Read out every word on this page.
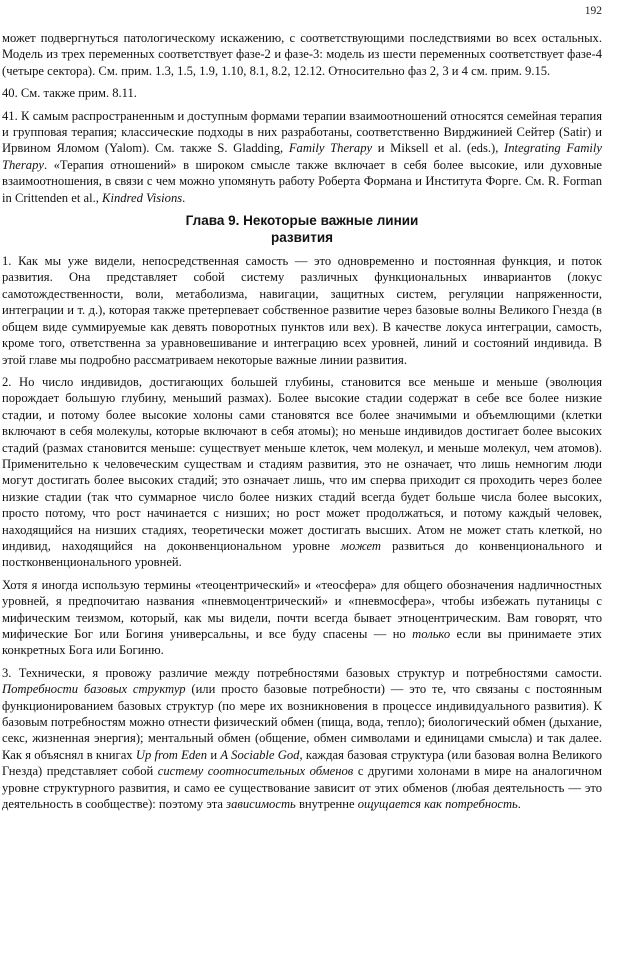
192

может подвергнуться патологическому искажению, с соответствующими последствиями во всех остальных. Модель из трех переменных соответствует фазе-2 и фазе-3: модель из шести переменных соответствует фазе-4 (четыре сектора). См. прим. 1.3, 1.5, 1.9, 1.10, 8.1, 8.2, 12.12. Относительно фаз 2, 3 и 4 см. прим. 9.15.

40. См. также прим. 8.11.

41. К самым распространенным и доступным формами терапии взаимоотношений относятся семейная терапия и групповая терапия; классические подходы в них разработаны, соответственно Вирджинией Сейтер (Satir) и Ирвином Яломом (Yalom). См. также S. Gladding, Family Therapy и Miksell et al. (eds.), Integrating Family Therapy. «Терапия отношений» в широком смысле также включает в себя более высокие, или духовные взаимоотношения, в связи с чем можно упомянуть работу Роберта Формана и Института Форге. См. R. Forman in Crittenden et al., Kindred Visions.

Глава 9. Некоторые важные линии
развития

1. Как мы уже видели, непосредственная самость — это одновременно и постоянная функция, и поток развития. Она представляет собой систему различных функциональных инвариантов (локус самотождественности, воли, метаболизма, навигации, защитных систем, регуляции напряженности, интеграции и т. д.), которая также претерпевает собственное развитие через базовые волны Великого Гнезда (в общем виде суммируемые как девять поворотных пунктов или вех). В качестве локуса интеграции, самость, кроме того, ответственна за уравновешивание и интеграцию всех уровней, линий и состояний индивида. В этой главе мы подробно рассматриваем некоторые важные линии развития.

2. Но число индивидов, достигающих большей глубины, становится все меньше и меньше (эволюция порождает большую глубину, меньший размах). Более высокие стадии содержат в себе все более низкие стадии, и потому более высокие холоны сами становятся все более значимыми и объемлющими (клетки включают в себя молекулы, которые включают в себя атомы); но меньше индивидов достигает более высоких стадий (размах становится меньше: существует меньше клеток, чем молекул, и меньше молекул, чем атомов). Применительно к человеческим существам и стадиям развития, это не означает, что лишь немногим люди могут достигать более высоких стадий; это означает лишь, что им сперва приходит ся проходить через более низкие стадии (так что суммарное число более низких стадий всегда будет больше числа более высоких, просто потому, что рост начинается с низших; но рост может продолжаться, и потому каждый человек, находящийся на низших стадиях, теоретически может достигать высших. Атом не может стать клеткой, но индивид, находящийся на доконвенциональном уровне может развиться до конвенционального и постконвенционального уровней.

Хотя я иногда использую термины «теоцентрический» и «теосфера» для общего обозначения надличностных уровней, я предпочитаю названия «пневмоцентрический» и «пневмосфера», чтобы избежать путаницы с мифическим теизмом, который, как мы видели, почти всегда бывает этноцентрическим. Вам говорят, что мифические Бог или Богиня универсальны, и все буду спасены — но только если вы принимаете этих конкретных Бога или Богиню.

3. Технически, я провожу различие между потребностями базовых структур и потребностями самости. Потребности базовых структур (или просто базовые потребности) — это те, что связаны с постоянным функционированием базовых структур (по мере их возникновения в процессе индивидуального развития). К базовым потребностям можно отнести физический обмен (пища, вода, тепло); биологический обмен (дыхание, секс, жизненная энергия); ментальный обмен (общение, обмен символами и единицами смысла) и так далее. Как я объяснял в книгах Up from Eden и A Sociable God, каждая базовая структура (или базовая волна Великого Гнезда) представляет собой систему соотносительных обменов с другими холонами в мире на аналогичном уровне структурного развития, и само ее существование зависит от этих обменов (любая деятельность — это деятельность в сообществе): поэтому эта зависимость внутренне ощущается как потребность.
